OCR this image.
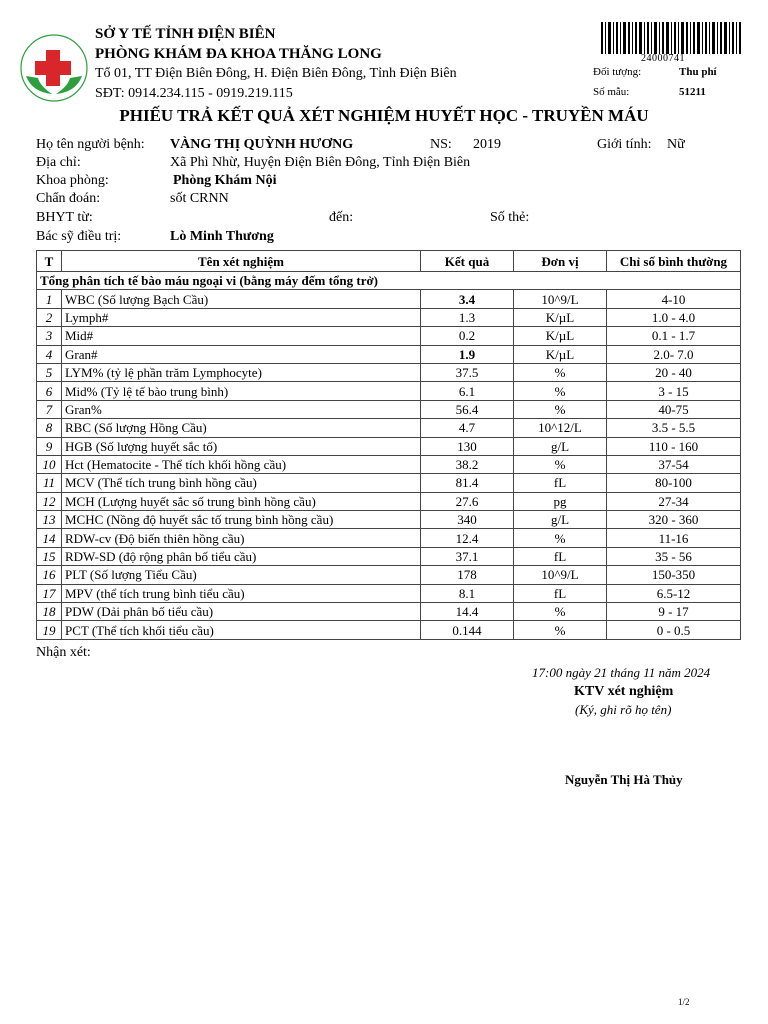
SỞ Y TẾ TỈNH ĐIỆN BIÊN
PHÒNG KHÁM ĐA KHOA THĂNG LONG
Tổ 01, TT Điện Biên Đông, H. Điện Biên Đông, Tỉnh Điện Biên
SĐT: 0914.234.115 - 0919.219.115
24000741
Đối tượng:	Thu phí
Số mẫu:	51211
PHIẾU TRẢ KẾT QUẢ XÉT NGHIỆM HUYẾT HỌC - TRUYỀN MÁU
Họ tên người bệnh: VÀNG THỊ QUỲNH HƯƠNG	NS: 2019	Giới tính: Nữ
Địa chỉ:	Xã Phì Nhừ, Huyện Điện Biên Đông, Tỉnh Điện Biên
Khoa phòng:	Phòng Khám Nội
Chẩn đoán:	sốt CRNN
BHYT từ:	đến:	Số thẻ:
Bác sỹ điều trị:	Lò Minh Thương
T	Tên xét nghiệm	Kết quả	Đơn vị	Chỉ số bình thường
Tổng phân tích tế bào máu ngoại vi (bằng máy đếm tổng trở)				
1	WBC (Số lượng Bạch Cầu)	3.4	10^9/L	4-10
2	Lymph#	1.3	K/µL	1.0 - 4.0
3	Mid#	0.2	K/µL	0.1 - 1.7
4	Gran#	1.9	K/µL	2.0- 7.0
5	LYM% (tỷ lệ phần trăm Lymphocyte)	37.5	%	20 - 40
6	Mid% (Tỷ lệ tế bào trung bình)	6.1	%	3 - 15
7	Gran%	56.4	%	40-75
8	RBC (Số lượng Hồng Cầu)	4.7	10^12/L	3.5 - 5.5
9	HGB (Số lượng huyết sắc tố)	130	g/L	110 - 160
10	Hct (Hematocite - Thể tích khối hồng cầu)	38.2	%	37-54
11	MCV (Thể tích trung bình hồng cầu)	81.4	fL	80-100
12	MCH (Lượng huyết sắc số trung bình hồng cầu)	27.6	pg	27-34
13	MCHC (Nồng độ huyết sắc tố trung bình hồng cầu)	340	g/L	320 - 360
14	RDW-cv (Độ biến thiên hồng cầu)	12.4	%	11-16
15	RDW-SD (độ rộng phân bố tiểu cầu)	37.1	fL	35 - 56
16	PLT (Số lượng Tiểu Cầu)	178	10^9/L	150-350
17	MPV (thể tích trung bình tiểu cầu)	8.1	fL	6.5-12
18	PDW (Dải phân bố tiểu cầu)	14.4	%	9 - 17
19	PCT (Thể tích khối tiểu cầu)	0.144	%	0 - 0.5
Nhận xét:
17:00 ngày 21 tháng 11 năm 2024
KTV xét nghiệm
(Ký, ghi rõ họ tên)
Nguyễn Thị Hà Thủy
1/2
